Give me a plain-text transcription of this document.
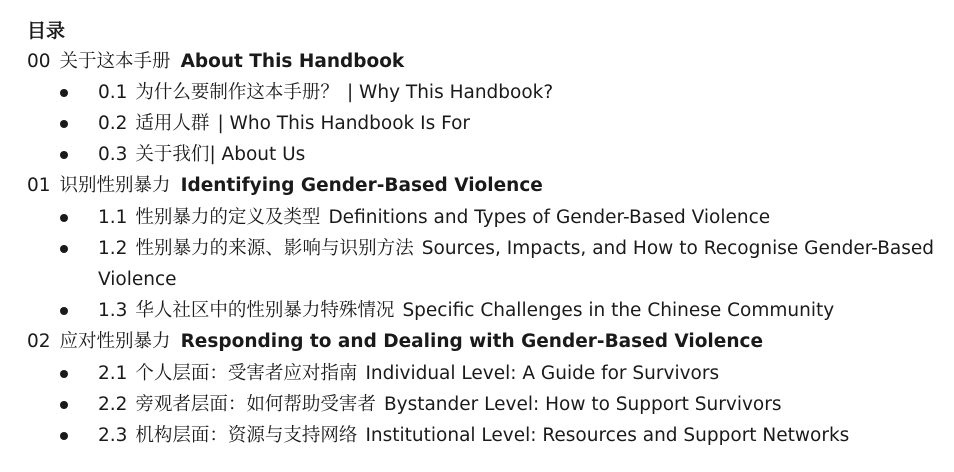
目录
00 关于这本手册 About This Handbook
0.1 为什么要制作这本手册？ | Why This Handbook?
0.2 适用人群 | Who This Handbook Is For
0.3 关于我们| About Us
01 识别性别暴力 Identifying Gender-Based Violence
1.1 性别暴力的定义及类型 Definitions and Types of Gender-Based Violence
1.2 性别暴力的来源、影响与识别方法 Sources, Impacts, and How to Recognise Gender-Based Violence
1.3 华人社区中的性别暴力特殊情况 Specific Challenges in the Chinese Community
02 应对性别暴力 Responding to and Dealing with Gender-Based Violence
2.1 个人层面：受害者应对指南 Individual Level: A Guide for Survivors
2.2 旁观者层面：如何帮助受害者 Bystander Level: How to Support Survivors
2.3 机构层面：资源与支持网络 Institutional Level: Resources and Support Networks
